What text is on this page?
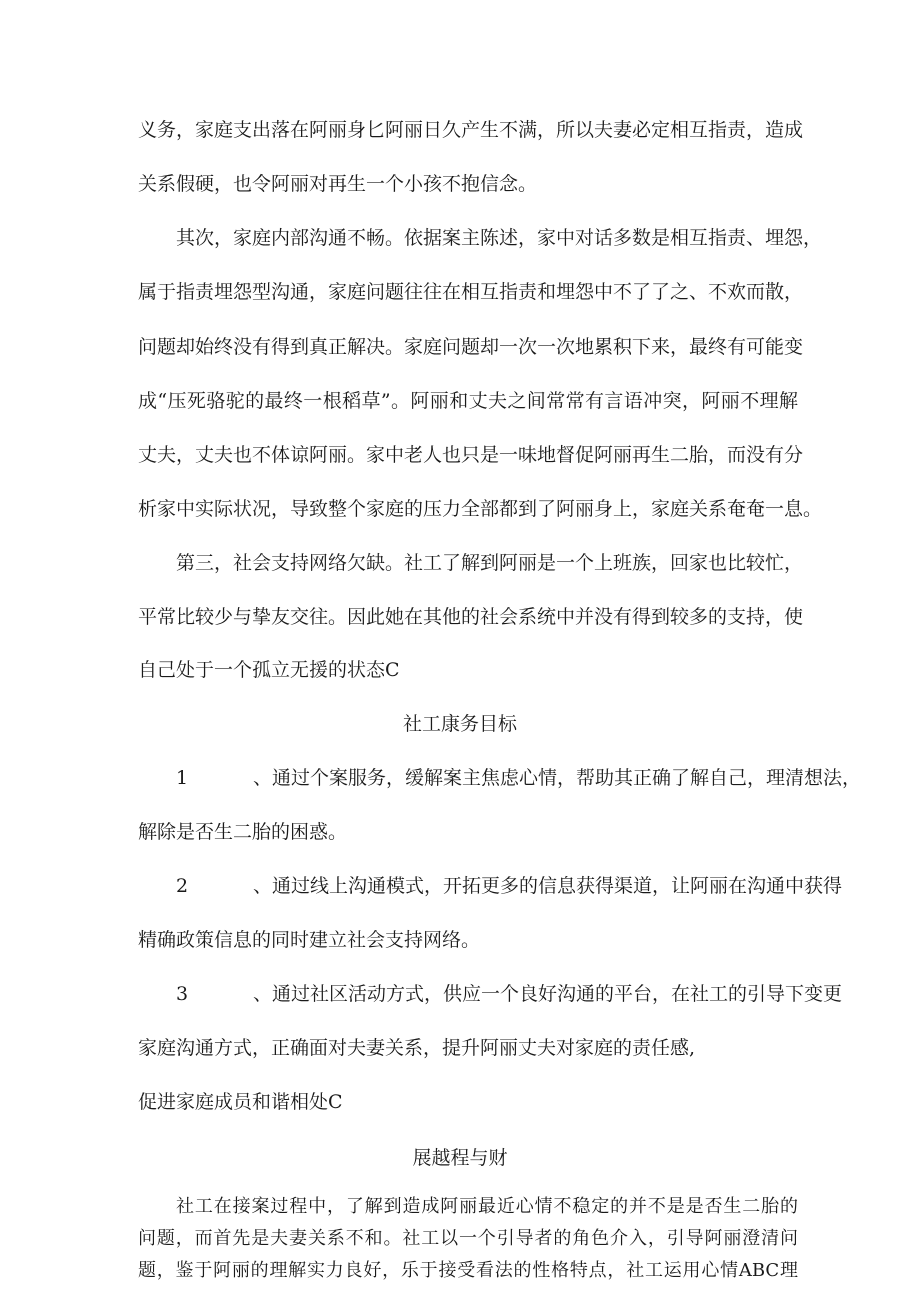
义务，家庭支出落在阿丽身匕阿丽日久产生不满，所以夫妻必定相互指责，造成
关系假硬，也令阿丽对再生一个小孩不抱信念。
其次，家庭内部沟通不畅。依据案主陈述，家中对话多数是相互指责、埋怨，
属于指责埋怨型沟通，家庭问题往往在相互指责和埋怨中不了了之、不欢而散，
问题却始终没有得到真正解决。家庭问题却一次一次地累积下来，最终有可能变
成“压死骆驼的最终一根稻草”。阿丽和丈夫之间常常有言语冲突，阿丽不理解
丈夫，丈夫也不体谅阿丽。家中老人也只是一味地督促阿丽再生二胎，而没有分
析家中实际状况，导致整个家庭的压力全部都到了阿丽身上，家庭关系奄奄一息。
第三，社会支持网络欠缺。社工了解到阿丽是一个上班族，回家也比较忙，
平常比较少与挚友交往。因此她在其他的社会系统中并没有得到较多的支持，使
自己处于一个孤立无援的状态C
社工康务目标
1、通过个案服务，缓解案主焦虑心情，帮助其正确了解自己，理清想法，
解除是否生二胎的困惑。
2、通过线上沟通模式，开拓更多的信息获得渠道，让阿丽在沟通中获得
精确政策信息的同时建立社会支持网络。
3、通过社区活动方式，供应一个良好沟通的平台，在社工的引导下变更
家庭沟通方式，正确面对夫妻关系，提升阿丽丈夫对家庭的责任感,
促进家庭成员和谐相处C
展越程与财
社工在接案过程中，了解到造成阿丽最近心情不稳定的并不是是否生二胎的
问题，而首先是夫妻关系不和。社工以一个引导者的角色介入，引导阿丽澄清问
题，鉴于阿丽的理解实力良好，乐于接受看法的性格特点，社工运用心情ABC理
